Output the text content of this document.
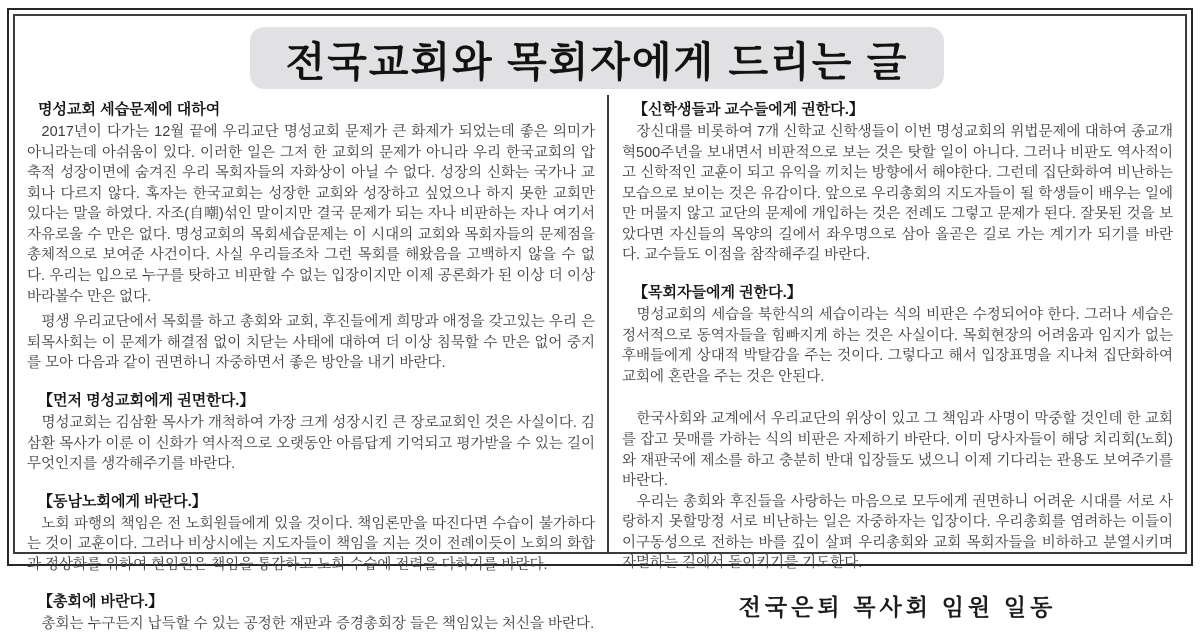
전국교회와 목회자에게 드리는 글
명성교회 세습문제에 대하여

2017년이 다가는 12월 끝에 우리교단 명성교회 문제가 큰 화제가 되었는데 좋은 의미가 아니라는데 아쉬움이 있다. 이러한 일은 그저 한 교회의 문제가 아니라 우리 한국교회의 압축적 성장이면에 숨겨진 우리 목회자들의 자화상이 아닐 수 없다. 성장의 신화는 국가나 교회나 다르지 않다. 혹자는 한국교회는 성장한 교회와 성장하고 싶었으나 하지 못한 교회만 있다는 말을 하였다. 자조(自嘲)섞인 말이지만 결국 문제가 되는 자나 비판하는 자나 여기서 자유로울 수 만은 없다. 명성교회의 목회세습문제는 이 시대의 교회와 목회자들의 문제점을 총체적으로 보여준 사건이다. 사실 우리들조차 그런 목회를 해왔음을 고백하지 않을 수 없다. 우리는 입으로 누구를 탓하고 비판할 수 없는 입장이지만 이제 공론화가 된 이상 더 이상 바라볼수 만은 없다.

평생 우리교단에서 목회를 하고 총회와 교회, 후진들에게 희망과 애정을 갖고있는 우리 은퇴목사회는 이 문제가 해결점 없이 치닫는 사태에 대하여 더 이상 침묵할 수 만은 없어 중지를 모아 다음과 같이 권면하니 자중하면서 좋은 방안을 내기 바란다.

【먼저 명성교회에게 권면한다.】

명성교회는 김삼환 목사가 개척하여 가장 크게 성장시킨 큰 장로교회인 것은 사실이다. 김삼환 목사가 이룬 이 신화가 역사적으로 오랫동안 아름답게 기억되고 평가받을 수 있는 길이 무엇인지를 생각해주기를 바란다.

【동남노회에게 바란다.】

노회 파행의 책임은 전 노회원들에게 있을 것이다. 책임론만을 따진다면 수습이 불가하다는 것이 교훈이다. 그러나 비상시에는 지도자들이 책임을 지는 것이 전례이듯이 노회의 화합과 정상화를 위하여 현임원은 책임을 통감하고 노회 수습에 전력을 다하기를 바란다.

【총회에 바란다.】

총회는 누구든지 납득할 수 있는 공정한 재판과 증경총회장 들은 책임있는 처신을 바란다.

【신학생들과 교수들에게 권한다.】

장신대를 비롯하여 7개 신학교 신학생들이 이번 명성교회의 위법문제에 대하여 종교개혁500주년을 보내면서 비판적으로 보는 것은 탓할 일이 아니다. 그러나 비판도 역사적이고 신학적인 교훈이 되고 유익을 끼치는 방향에서 해야한다. 그런데 집단화하여 비난하는 모습으로 보이는 것은 유감이다. 앞으로 우리총회의 지도자들이 될 학생들이 배우는 일에만 머물지 않고 교단의 문제에 개입하는 것은 전례도 그렇고 문제가 된다. 잘못된 것을 보았다면 자신들의 목양의 길에서 좌우명으로 삼아 올곧은 길로 가는 계기가 되기를 바란다. 교수들도 이점을 참작해주길 바란다.

【목회자들에게 권한다.】

명성교회의 세습을 북한식의 세습이라는 식의 비판은 수정되어야 한다. 그러나 세습은 정서적으로 동역자들을 힘빠지게 하는 것은 사실이다. 목회현장의 어려움과 임지가 없는 후배들에게 상대적 박탈감을 주는 것이다. 그렇다고 해서 입장표명을 지나쳐 집단화하여 교회에 혼란을 주는 것은 안된다.

한국사회와 교계에서 우리교단의 위상이 있고 그 책임과 사명이 막중할 것인데 한 교회를 잡고 뭇매를 가하는 식의 비판은 자제하기 바란다. 이미 당사자들이 해당 치리회(노회)와 재판국에 제소를 하고 충분히 반대 입장들도 냈으니 이제 기다리는 관용도 보여주기를 바란다.

우리는 총회와 후진들을 사랑하는 마음으로 모두에게 권면하니 어려운 시대를 서로 사랑하지 못할망정 서로 비난하는 일은 자중하자는 입장이다. 우리총회를 염려하는 이들이 이구동성으로 전하는 바를 깊이 살펴 우리총회와 교회 목회자들을 비하하고 분열시키며 자멸하는 길에서 돌이키기를 기도한다.

전국은퇴 목사회 임원 일동
